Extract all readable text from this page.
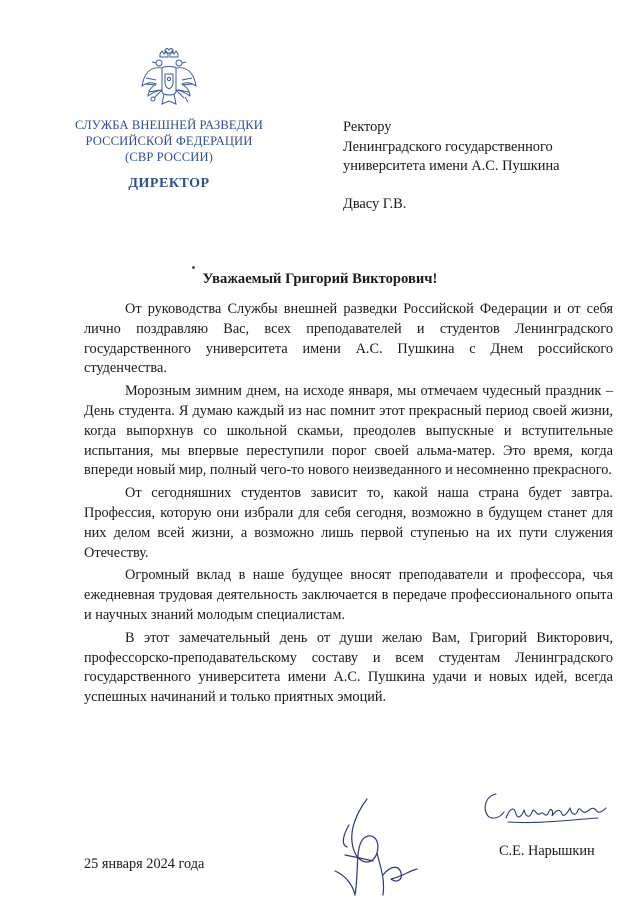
СЛУЖБА ВНЕШНЕЙ РАЗВЕДКИ
РОССИЙСКОЙ ФЕДЕРАЦИИ
(СВР РОССИИ)
ДИРЕКТОР
Ректору
Ленинградского государственного
университета имени А.С. Пушкина
Двасу Г.В.
Уважаемый Григорий Викторович!

От руководства Службы внешней разведки Российской Федерации и от себя лично поздравляю Вас, всех преподавателей и студентов Ленинградского государственного университета имени А.С. Пушкина с Днем российского студенчества.

Морозным зимним днем, на исходе января, мы отмечаем чудесный праздник – День студента. Я думаю каждый из нас помнит этот прекрасный период своей жизни, когда выпорхнув со школьной скамьи, преодолев выпускные и вступительные испытания, мы впервые переступили порог своей альма-матер. Это время, когда впереди новый мир, полный чего-то нового неизведанного и несомненно прекрасного.

От сегодняшних студентов зависит то, какой наша страна будет завтра. Профессия, которую они избрали для себя сегодня, возможно в будущем станет для них делом всей жизни, а возможно лишь первой ступенью на их пути служения Отечеству.

Огромный вклад в наше будущее вносят преподаватели и профессора, чья ежедневная трудовая деятельность заключается в передаче профессионального опыта и научных знаний молодым специалистам.

В этот замечательный день от души желаю Вам, Григорий Викторович, профессорско-преподавательскому составу и всем студентам Ленинградского государственного университета имени А.С. Пушкина удачи и новых идей, всегда успешных начинаний и только приятных эмоций.

25 января 2024 года
С.Е. Нарышкин
